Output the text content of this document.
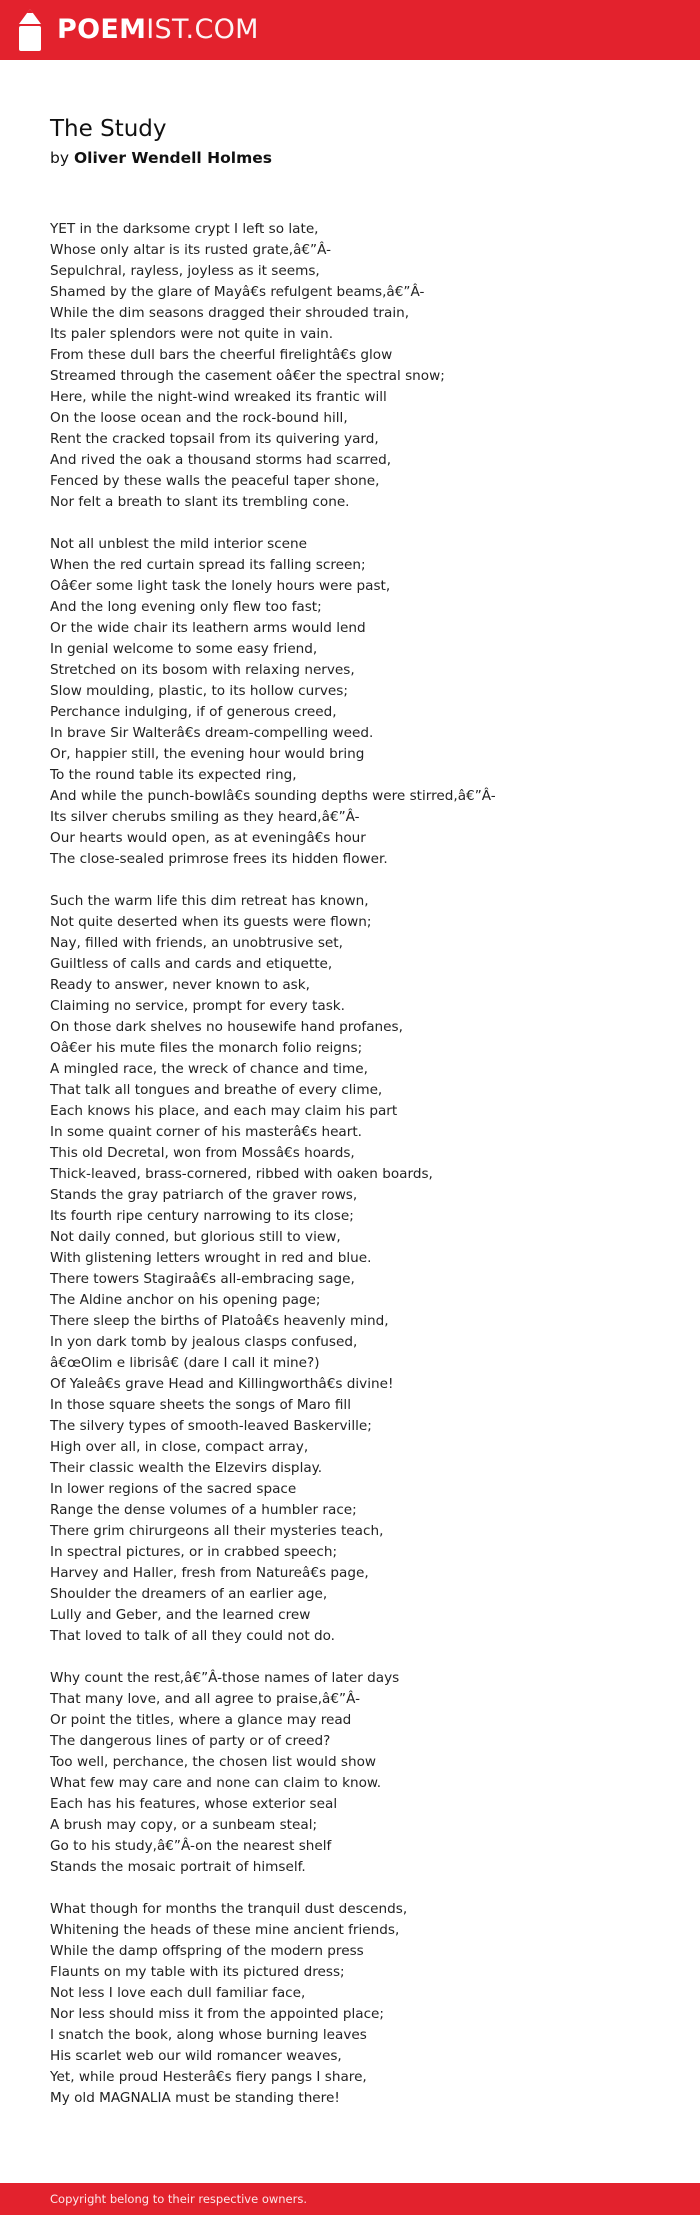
POEMIST.COM
The Study
by Oliver Wendell Holmes
YET in the darksome crypt I left so late,
Whose only altar is its rusted grate,â€”Â-
Sepulchral, rayless, joyless as it seems,
Shamed by the glare of Mayâ€s refulgent beams,â€”Â-
While the dim seasons dragged their shrouded train,
Its paler splendors were not quite in vain.
From these dull bars the cheerful firelightâ€s glow
Streamed through the casement oâ€er the spectral snow;
Here, while the night-wind wreaked its frantic will
On the loose ocean and the rock-bound hill,
Rent the cracked topsail from its quivering yard,
And rived the oak a thousand storms had scarred,
Fenced by these walls the peaceful taper shone,
Nor felt a breath to slant its trembling cone.
Not all unblest the mild interior scene
When the red curtain spread its falling screen;
Oâ€er some light task the lonely hours were past,
And the long evening only flew too fast;
Or the wide chair its leathern arms would lend
In genial welcome to some easy friend,
Stretched on its bosom with relaxing nerves,
Slow moulding, plastic, to its hollow curves;
Perchance indulging, if of generous creed,
In brave Sir Walterâ€s dream-compelling weed.
Or, happier still, the evening hour would bring
To the round table its expected ring,
And while the punch-bowlâ€s sounding depths were stirred,â€”Â-
Its silver cherubs smiling as they heard,â€”Â-
Our hearts would open, as at eveningâ€s hour
The close-sealed primrose frees its hidden flower.
Such the warm life this dim retreat has known,
Not quite deserted when its guests were flown;
Nay, filled with friends, an unobtrusive set,
Guiltless of calls and cards and etiquette,
Ready to answer, never known to ask,
Claiming no service, prompt for every task.
On those dark shelves no housewife hand profanes,
Oâ€er his mute files the monarch folio reigns;
A mingled race, the wreck of chance and time,
That talk all tongues and breathe of every clime,
Each knows his place, and each may claim his part
In some quaint corner of his masterâ€s heart.
This old Decretal, won from Mossâ€s hoards,
Thick-leaved, brass-cornered, ribbed with oaken boards,
Stands the gray patriarch of the graver rows,
Its fourth ripe century narrowing to its close;
Not daily conned, but glorious still to view,
With glistening letters wrought in red and blue.
There towers Stagiraâ€s all-embracing sage,
The Aldine anchor on his opening page;
There sleep the births of Platoâ€s heavenly mind,
In yon dark tomb by jealous clasps confused,
â€œOlim e librisâ€ (dare I call it mine?)
Of Yaleâ€s grave Head and Killingworthâ€s divine!
In those square sheets the songs of Maro fill
The silvery types of smooth-leaved Baskerville;
High over all, in close, compact array,
Their classic wealth the Elzevirs display.
In lower regions of the sacred space
Range the dense volumes of a humbler race;
There grim chirurgeons all their mysteries teach,
In spectral pictures, or in crabbed speech;
Harvey and Haller, fresh from Natureâ€s page,
Shoulder the dreamers of an earlier age,
Lully and Geber, and the learned crew
That loved to talk of all they could not do.
Why count the rest,â€”Â-those names of later days
That many love, and all agree to praise,â€”Â-
Or point the titles, where a glance may read
The dangerous lines of party or of creed?
Too well, perchance, the chosen list would show
What few may care and none can claim to know.
Each has his features, whose exterior seal
A brush may copy, or a sunbeam steal;
Go to his study,â€”Â-on the nearest shelf
Stands the mosaic portrait of himself.
What though for months the tranquil dust descends,
Whitening the heads of these mine ancient friends,
While the damp offspring of the modern press
Flaunts on my table with its pictured dress;
Not less I love each dull familiar face,
Nor less should miss it from the appointed place;
I snatch the book, along whose burning leaves
His scarlet web our wild romancer weaves,
Yet, while proud Hesterâ€s fiery pangs I share,
My old MAGNALIA must be standing there!
Copyright belong to their respective owners.
